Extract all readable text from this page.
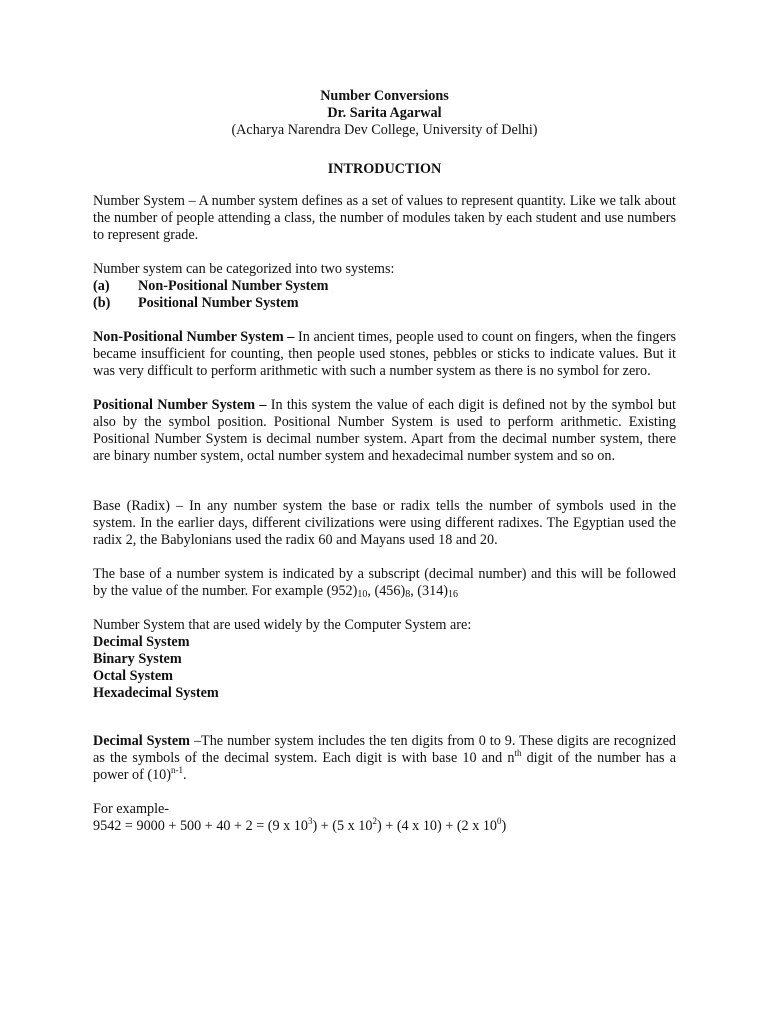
Number Conversions

Dr. Sarita Agarwal

(Acharya Narendra Dev College, University of Delhi)

INTRODUCTION

Number System – A number system defines as a set of values to represent quantity. Like we talk about the number of people attending a class, the number of modules taken by each student and use numbers to represent grade.

Number system can be categorized into two systems:

(a)	Non-Positional Number System
(b)	Positional Number System

Non-Positional Number System – In ancient times, people used to count on fingers, when the fingers became insufficient for counting, then people used stones, pebbles or sticks to indicate values. But it was very difficult to perform arithmetic with such a number system as there is no symbol for zero.

Positional Number System – In this system the value of each digit is defined not by the symbol but also by the symbol position. Positional Number System is used to perform arithmetic. Existing Positional Number System is decimal number system. Apart from the decimal number system, there are binary number system, octal number system and hexadecimal number system and so on.

Base (Radix) – In any number system the base or radix tells the number of symbols used in the system. In the earlier days, different civilizations were using different radixes. The Egyptian used the radix 2, the Babylonians used the radix 60 and Mayans used 18 and 20.

The base of a number system is indicated by a subscript (decimal number) and this will be followed by the value of the number. For example $(952)_{10}$, $(456)_8$, $(314)_{16}$

Number System that are used widely by the Computer System are:

Decimal System
Binary System
Octal System
Hexadecimal System

Decimal System –The number system includes the ten digits from 0 to 9. These digits are recognized as the symbols of the decimal system. Each digit is with base 10 and $n^{th}$ digit of the number has a power of $(10)^{n-1}$.

For example-

9542 = 9000 + 500 + 40 + 2 = (9 x $10^3) + (5$ x $10^2) + (4$ x 10) + (2 x $10^0$)
